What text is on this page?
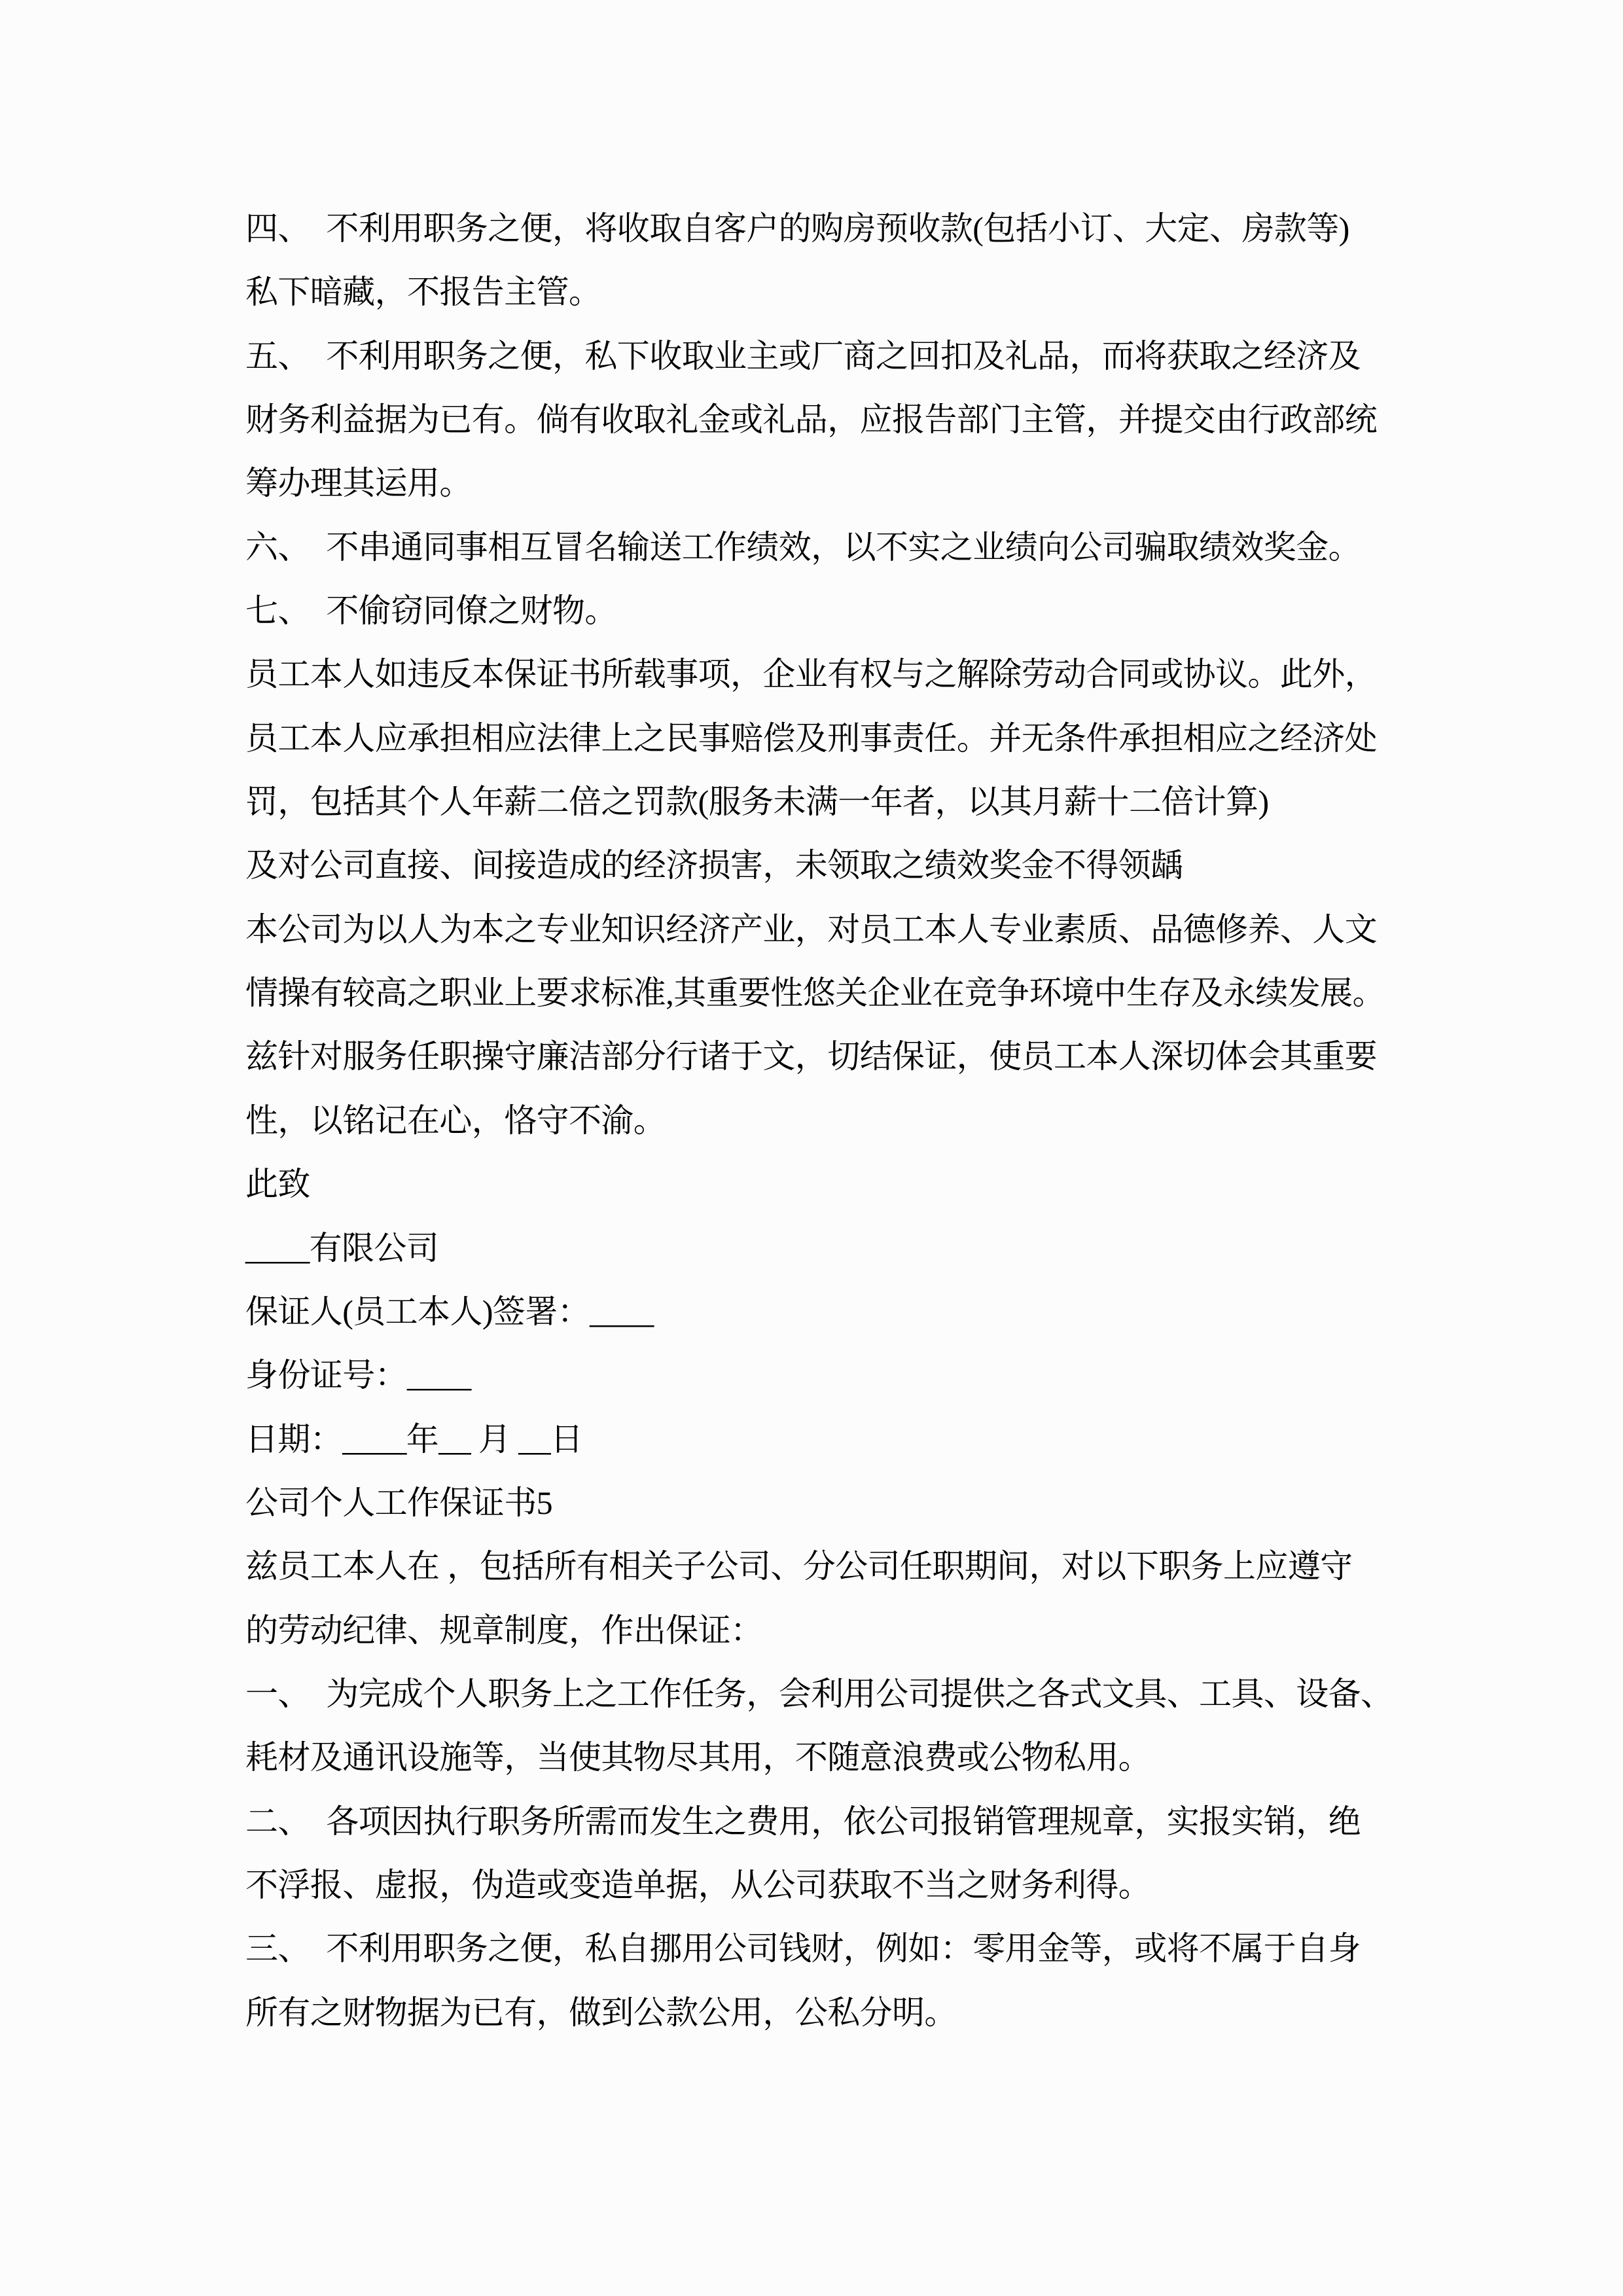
四、　不利用职务之便，将收取自客户的购房预收款(包括小订、大定、房款等)
私下暗藏，不报告主管。
五、　不利用职务之便，私下收取业主或厂商之回扣及礼品，而将获取之经济及
财务利益据为已有。倘有收取礼金或礼品，应报告部门主管，并提交由行政部统
筹办理其运用。
六、　不串通同事相互冒名输送工作绩效，以不实之业绩向公司骗取绩效奖金。
七、　不偷窃同僚之财物。
员工本人如违反本保证书所载事项，企业有权与之解除劳动合同或协议。此外，
员工本人应承担相应法律上之民事赔偿及刑事责任。并无条件承担相应之经济处
罚，包括其个人年薪二倍之罚款(服务未满一年者，以其月薪十二倍计算)
及对公司直接、间接造成的经济损害，未领取之绩效奖金不得领龋
本公司为以人为本之专业知识经济产业，对员工本人专业素质、品德修养、人文
情操有较高之职业上要求标准,其重要性悠关企业在竞争环境中生存及永续发展。
兹针对服务任职操守廉洁部分行诸于文，切结保证，使员工本人深切体会其重要
性，以铭记在心，恪守不渝。
此致
____有限公司
保证人(员工本人)签署：____
身份证号：____
日期：____年__ 月 __日
公司个人工作保证书5
兹员工本人在 ，包括所有相关子公司、分公司任职期间，对以下职务上应遵守
的劳动纪律、规章制度，作出保证：
一、　为完成个人职务上之工作任务，会利用公司提供之各式文具、工具、设备、
耗材及通讯设施等，当使其物尽其用，不随意浪费或公物私用。
二、　各项因执行职务所需而发生之费用，依公司报销管理规章，实报实销，绝
不浮报、虚报，伪造或变造单据，从公司获取不当之财务利得。
三、　不利用职务之便，私自挪用公司钱财，例如：零用金等，或将不属于自身
所有之财物据为已有，做到公款公用，公私分明。
